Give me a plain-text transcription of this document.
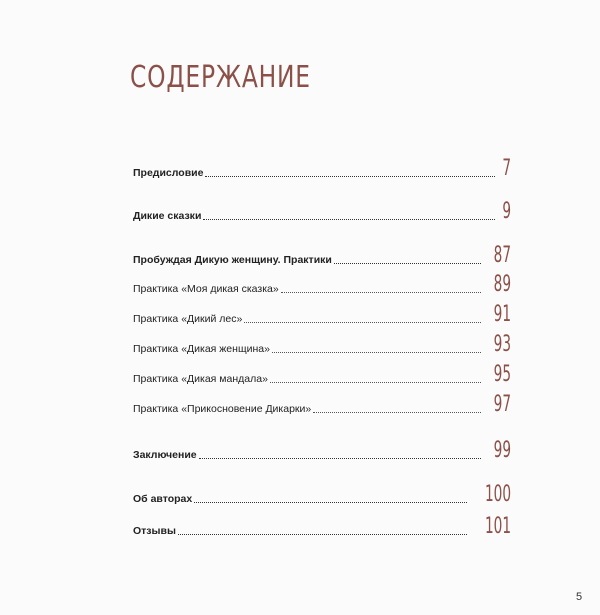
СОДЕРЖАНИЕ
Предисловие	7
Дикие сказки	9
Пробуждая Дикую женщину. Практики	87
Практика «Моя дикая сказка»	89
Практика «Дикий лес»	91
Практика «Дикая женщина»	93
Практика «Дикая мандала»	95
Практика «Прикосновение Дикарки»	97
Заключение	99
Об авторах	100
Отзывы	101
5
